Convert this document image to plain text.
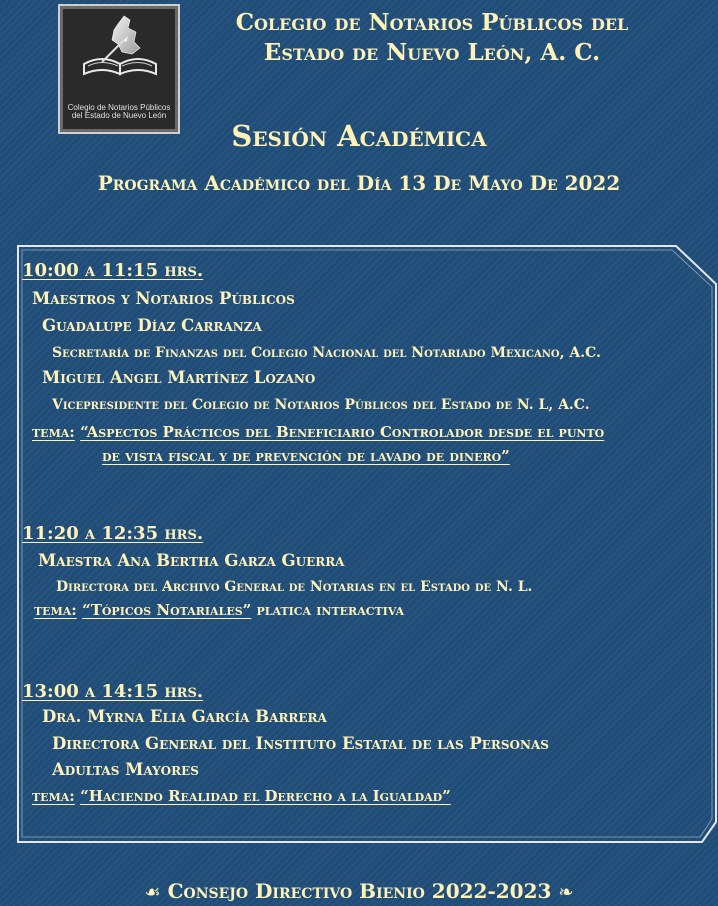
Colegio de Notarios Públicos
del Estado de Nuevo León
Colegio de Notarios Públicos del
Estado de Nuevo León, A. C.
Sesión Académica
Programa Académico del Día 13 De Mayo De 2022
10:00 a 11:15 hrs.
Maestros y Notarios Públicos
Guadalupe Díaz Carranza
Secretaría de Finanzas del Colegio Nacional del Notariado Mexicano, A.C.
Miguel Angel Martínez Lozano
Vicepresidente del Colegio de Notarios Públicos del Estado de N. L, A.C.
tema: “Aspectos Prácticos del Beneficiario Controlador desde el punto
de vista fiscal y de prevención de lavado de dinero”
11:20 a 12:35 hrs.
Maestra Ana Bertha Garza Guerra
Directora del Archivo General de Notarias en el Estado de N. L.
tema: “Tópicos Notariales” platica interactiva
13:00 a 14:15 hrs.
Dra. Myrna Elia García Barrera
Directora General del Instituto Estatal de las Personas
Adultas Mayores
tema: “Haciendo Realidad el Derecho a la Igualdad”
☙ Consejo Directivo Bienio 2022-2023 ❧
